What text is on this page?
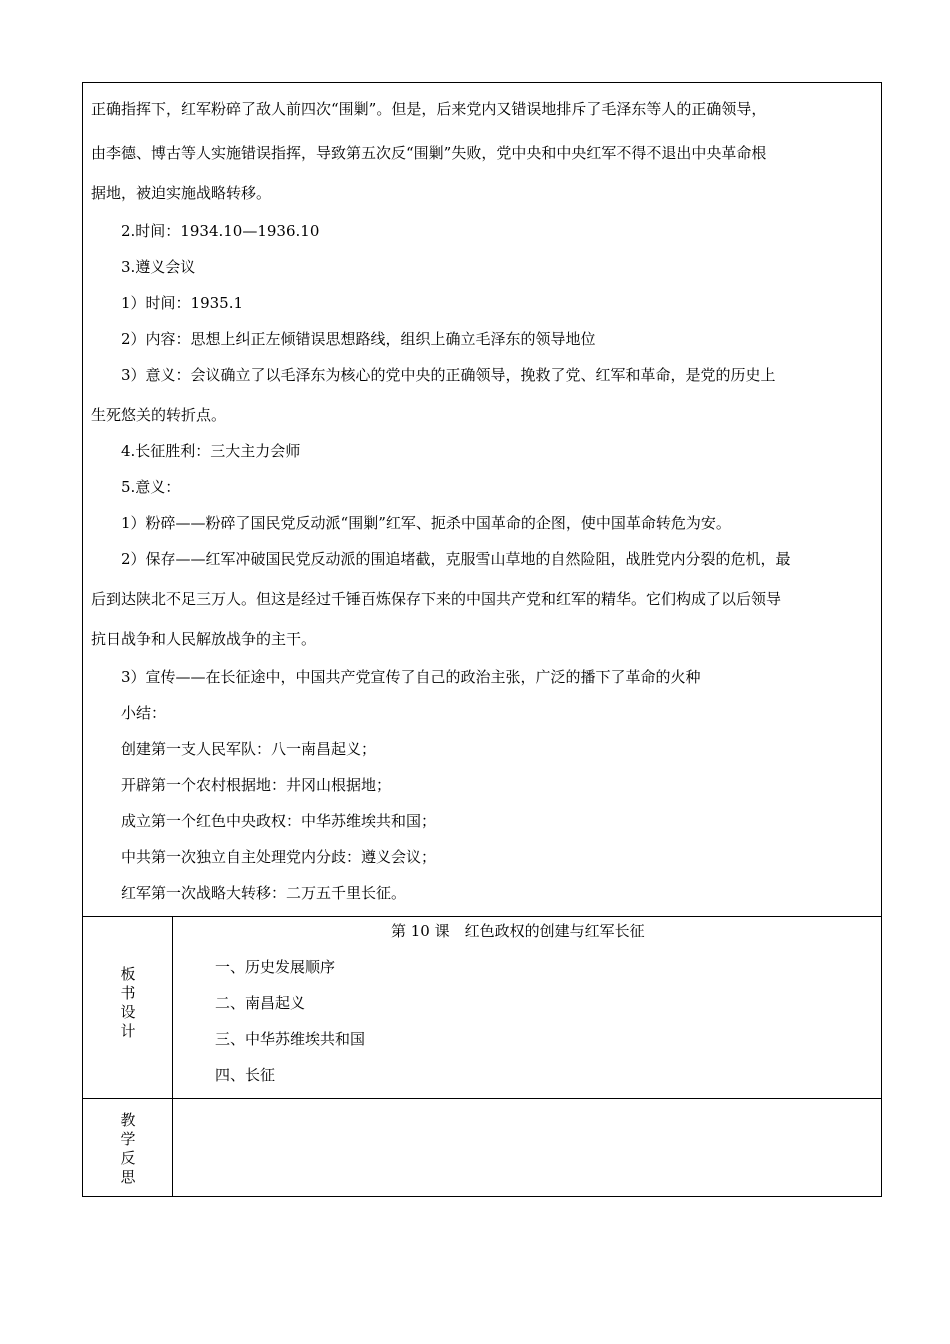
正确指挥下，红军粉碎了敌人前四次“围剿”。但是，后来党内又错误地排斥了毛泽东等人的正确领导，
由李德、博古等人实施错误指挥，导致第五次反“围剿”失败，党中央和中央红军不得不退出中央革命根
据地，被迫实施战略转移。
2.时间：1934.10—1936.10
3.遵义会议
1）时间：1935.1
2）内容：思想上纠正左倾错误思想路线，组织上确立毛泽东的领导地位
3）意义：会议确立了以毛泽东为核心的党中央的正确领导，挽救了党、红军和革命，是党的历史上
生死悠关的转折点。
4.长征胜利：三大主力会师
5.意义：
1）粉碎——粉碎了国民党反动派“围剿”红军、扼杀中国革命的企图，使中国革命转危为安。
2）保存——红军冲破国民党反动派的围追堵截，克服雪山草地的自然险阻，战胜党内分裂的危机，最
后到达陕北不足三万人。但这是经过千锤百炼保存下来的中国共产党和红军的精华。它们构成了以后领导
抗日战争和人民解放战争的主干。
3）宣传——在长征途中，中国共产党宣传了自己的政治主张，广泛的播下了革命的火种
小结：
创建第一支人民军队：八一南昌起义；
开辟第一个农村根据地：井冈山根据地；
成立第一个红色中央政权：中华苏维埃共和国；
中共第一次独立自主处理党内分歧：遵义会议；
红军第一次战略大转移：二万五千里长征。
板
书
设
计
第 10 课　红色政权的创建与红军长征
一、历史发展顺序
二、南昌起义
三、中华苏维埃共和国
四、长征
教
学
反
思
